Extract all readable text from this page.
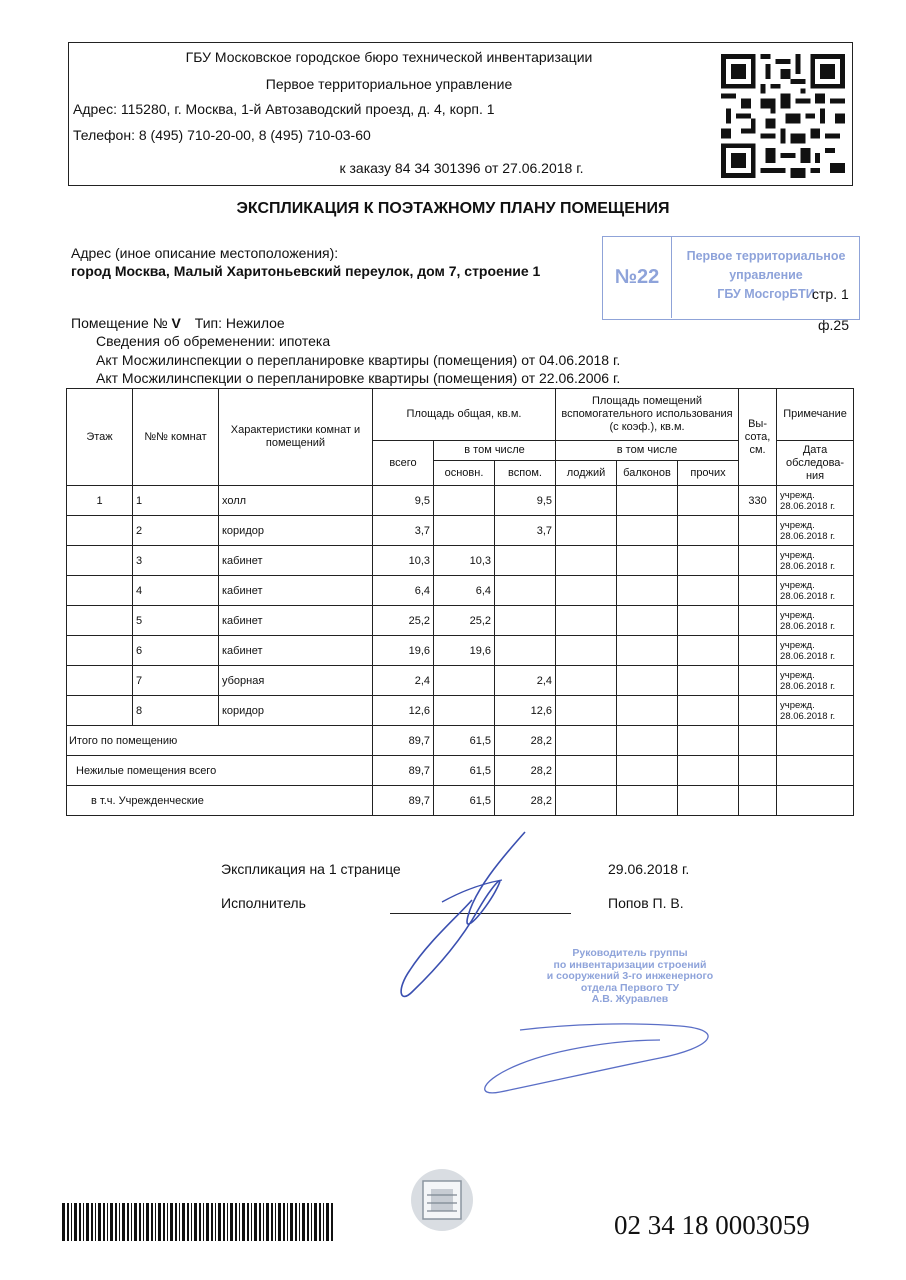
ГБУ Московское городское бюро технической инвентаризации
Первое территориальное управление
Адрес: 115280, г. Москва, 1-й Автозаводский проезд, д. 4, корп. 1
Телефон: 8 (495) 710-20-00, 8 (495) 710-03-60
к заказу 84 34 301396 от 27.06.2018 г.
ЭКСПЛИКАЦИЯ К ПОЭТАЖНОМУ ПЛАНУ ПОМЕЩЕНИЯ
Адрес (иное описание местоположения):
город Москва, Малый Харитоньевский переулок, дом 7, строение 1	№22
Первое территориальное
управление
ГБУ МосгорБТИ
стр. 1
ф.25
Помещение № V Тип: Нежилое
Сведения об обременении: ипотека
Акт Мосжилинспекции о перепланировке квартиры (помещения) от 04.06.2018 г.
Акт Мосжилинспекции о перепланировке квартиры (помещения) от 22.06.2006 г.
Этаж	№№ комнат	Характеристики комнат и помещений	Площадь общая, кв.м.			Площадь помещений вспомогательного использования (с коэф.), кв.м.			Вы-сота, см.	Примечание
			всего	в том числе		в том числе				Дата обследова-ния
				основн.	вспом.	лоджий	балконов	прочих		
1	1	холл	9,5		9,5				330	учрежд.
28.06.2018 г.

	2	коридор	3,7		3,7					учрежд.
28.06.2018 г.

	3	кабинет	10,3	10,3						учрежд.
28.06.2018 г.

	4	кабинет	6,4	6,4						учрежд.
28.06.2018 г.

	5	кабинет	25,2	25,2						учрежд.
28.06.2018 г.

	6	кабинет	19,6	19,6						учрежд.
28.06.2018 г.

	7	уборная	2,4		2,4					учрежд.
28.06.2018 г.

	8	коридор	12,6		12,6					учрежд.
28.06.2018 г.

Итого по помещению			89,7	61,5	28,2					
Нежилые помещения всего			89,7	61,5	28,2					
в т.ч. Учрежденческие			89,7	61,5	28,2					
Экспликация на 1 странице	29.06.2018 г.
Исполнитель	Попов П. В.
Руководитель группы
по инвентаризации строений
и сооружений 3-го инженерного
отдела Первого ТУ
А.В. Журавлев
02 34 18 0003059
